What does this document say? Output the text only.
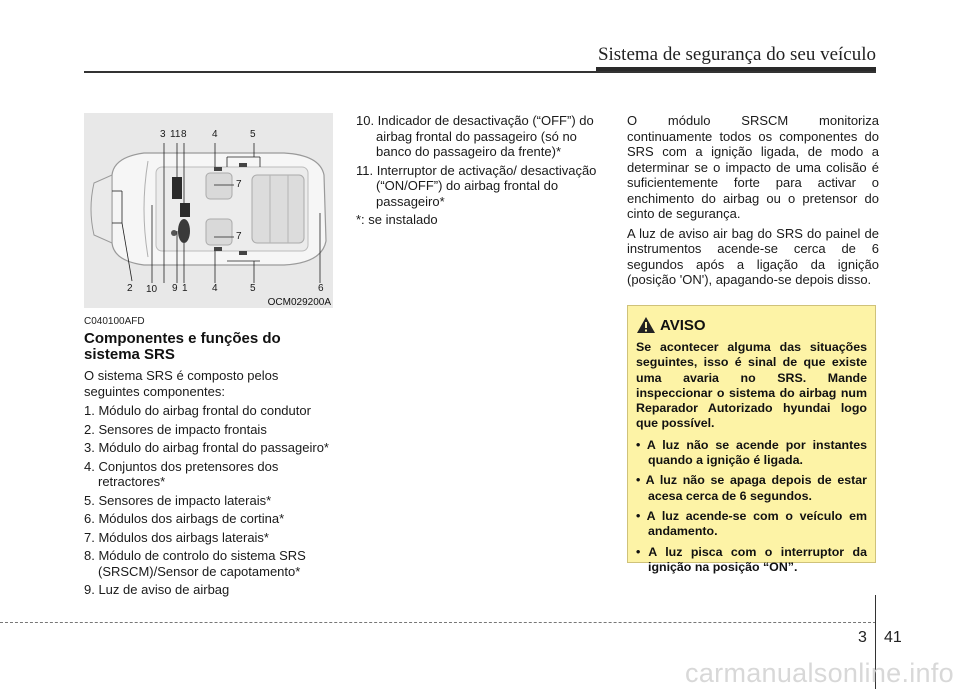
Sistema de segurança do seu veículo
3 11 8	4	5
7
7
2 10 9 1 4	5	6
OCM029200A
C040100AFD
Componentes e funções do sistema SRS

O sistema SRS é composto pelos seguintes componentes:

1. Módulo do airbag frontal do condutor
2. Sensores de impacto frontais
3. Módulo do airbag frontal do passageiro*
4. Conjuntos dos pretensores dos retractores*
5. Sensores de impacto laterais*
6. Módulos dos airbags de cortina*
7. Módulos dos airbags laterais*
8. Módulo de controlo do sistema SRS (SRSCM)/Sensor de capotamento*
9. Luz de aviso de airbag
10. Indicador de desactivação (“OFF”) do airbag frontal do passageiro (só no banco do passageiro da frente)*
11. Interruptor de activação/ desactivação (“ON/OFF”) do airbag frontal do passageiro*
*: se instalado

O módulo SRSCM monitoriza continuamente todos os componentes do SRS com a ignição ligada, de modo a determinar se o impacto de uma colisão é suficientemente forte para activar o enchimento do airbag ou o pretensor do cinto de segurança.

A luz de aviso air bag do SRS do painel de instrumentos acende-se cerca de 6 segundos após a ligação da ignição (posição 'ON'), apagando-se depois disso.

AVISO

Se acontecer alguma das situações seguintes, isso é sinal de que existe uma avaria no SRS. Mande inspeccionar o sistema do airbag num Reparador Autorizado hyundai logo que possível.

• A luz não se acende por instantes quando a ignição é ligada.
• A luz não se apaga depois de estar acesa cerca de 6 segundos.
• A luz acende-se com o veículo em andamento.
• A luz pisca com o interruptor da ignição na posição “ON”.
3 41
carmanualsonline.info
